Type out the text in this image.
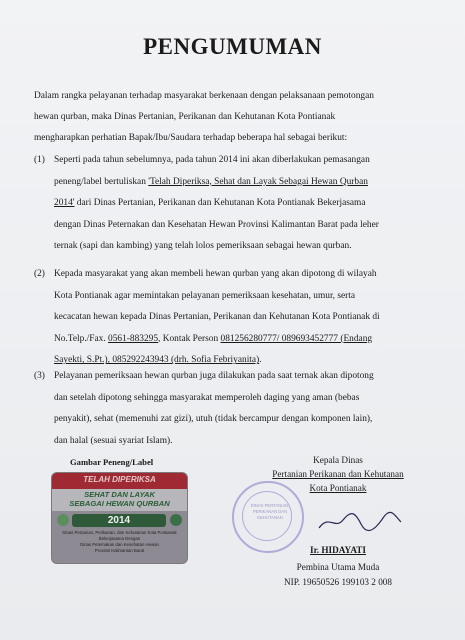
PENGUMUMAN
Dalam rangka pelayanan terhadap masyarakat berkenaan dengan pelaksanaan pemotongan
hewan qurban, maka Dinas Pertanian, Perikanan dan Kehutanan Kota Pontianak
mengharapkan perhatian Bapak/Ibu/Saudara terhadap beberapa hal sebagai berikut:
(1) Seperti pada tahun sebelumnya, pada tahun 2014 ini akan diberlakukan pemasangan
peneng/label bertuliskan 'Telah Diperiksa, Sehat dan Layak Sebagai Hewan Qurban
2014' dari Dinas Pertanian, Perikanan dan Kehutanan Kota Pontianak Bekerjasama
dengan Dinas Peternakan dan Kesehatan Hewan Provinsi Kalimantan Barat pada leher
ternak (sapi dan kambing) yang telah lolos pemeriksaan sebagai hewan qurban.
(2) Kepada masyarakat yang akan membeli hewan qurban yang akan dipotong di wilayah
Kota Pontianak agar memintakan pelayanan pemeriksaan kesehatan, umur, serta
kecacatan hewan kepada Dinas Pertanian, Perikanan dan Kehutanan Kota Pontianak di
No.Telp./Fax. 0561-883295, Kontak Person 081256280777/ 089693452777 (Endang
Sayekti, S.Pt.), 085292243943 (drh. Sofia Febriyanita).
(3) Pelayanan pemeriksaan hewan qurban juga dilakukan pada saat ternak akan dipotong
dan setelah dipotong sehingga masyarakat memperoleh daging yang aman (bebas
penyakit), sehat (memenuhi zat gizi), utuh (tidak bercampur dengan komponen lain),
dan halal (sesuai syariat Islam).
Gambar Peneng/Label
TELAH DIPERIKSA
SEHAT DAN LAYAK
SEBAGAI HEWAN QURBAN
2014
Dinas Pertanian, Perikanan, dan Kehutanan Kota Pontianak
Bekerjasama Dengan
Dinas Peternakan dan Kesehatan Hewan
Provinsi Kalimantan Barat
Kepala Dinas
Pertanian Perikanan dan Kehutanan
Kota Pontianak
DINAS PERTANIAN, PERIKANAN DAN KEHUTANAN
Ir. HIDAYATI
Pembina Utama Muda
NIP. 19650526 199103 2 008
